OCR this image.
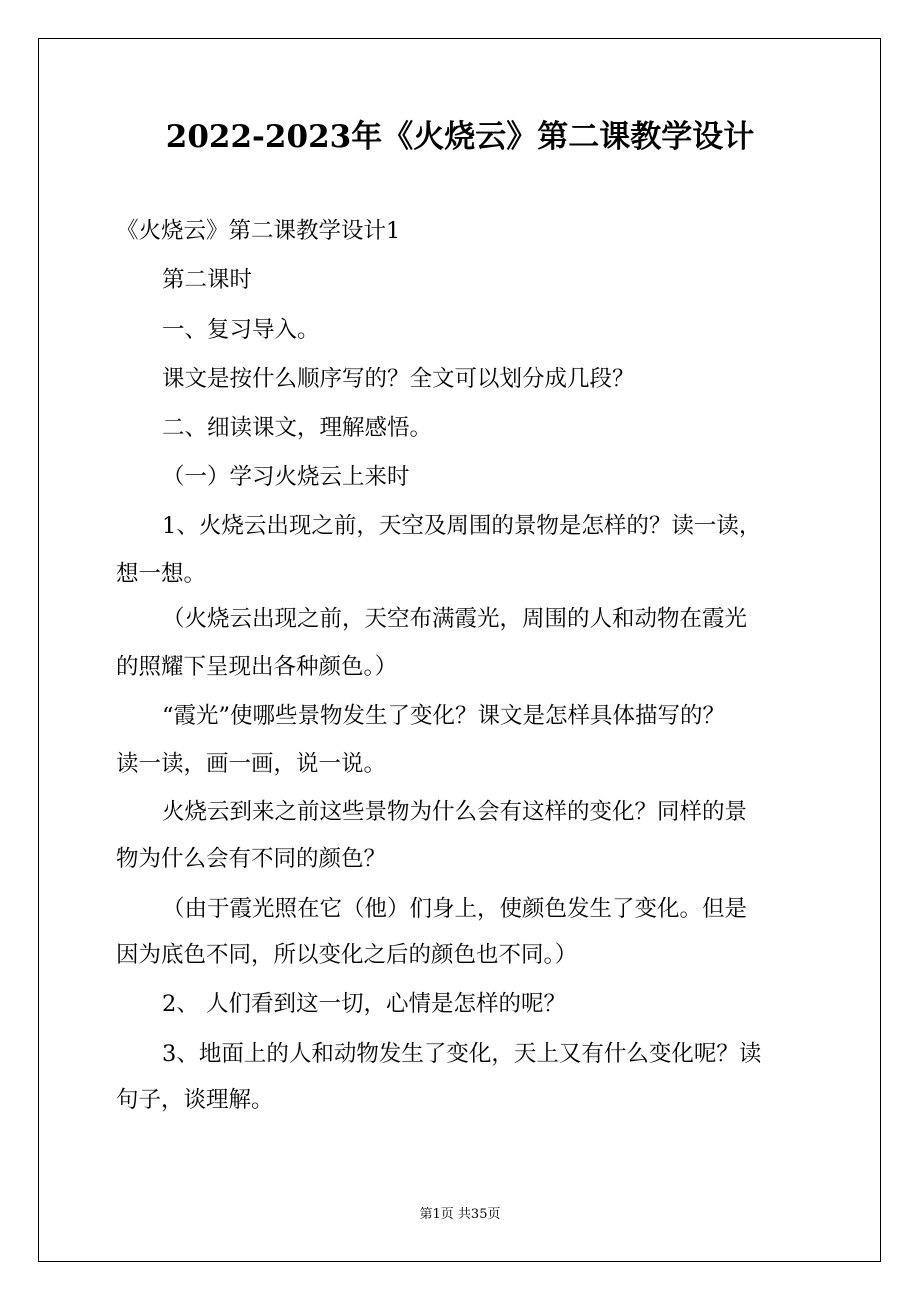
2022-2023年《火烧云》第二课教学设计
《火烧云》第二课教学设计1
第二课时
一、复习导入。
课文是按什么顺序写的？全文可以划分成几段？
二、细读课文，理解感悟。
（一）学习火烧云上来时
1、火烧云出现之前，天空及周围的景物是怎样的？读一读，
想一想。
（火烧云出现之前，天空布满霞光，周围的人和动物在霞光
的照耀下呈现出各种颜色。）
“霞光”使哪些景物发生了变化？课文是怎样具体描写的？
读一读，画一画，说一说。
火烧云到来之前这些景物为什么会有这样的变化？同样的景
物为什么会有不同的颜色？
（由于霞光照在它（他）们身上，使颜色发生了变化。但是
因为底色不同，所以变化之后的颜色也不同。）
2、 人们看到这一切，心情是怎样的呢？
3、地面上的人和动物发生了变化，天上又有什么变化呢？读
句子，谈理解。
第1页 共35页
